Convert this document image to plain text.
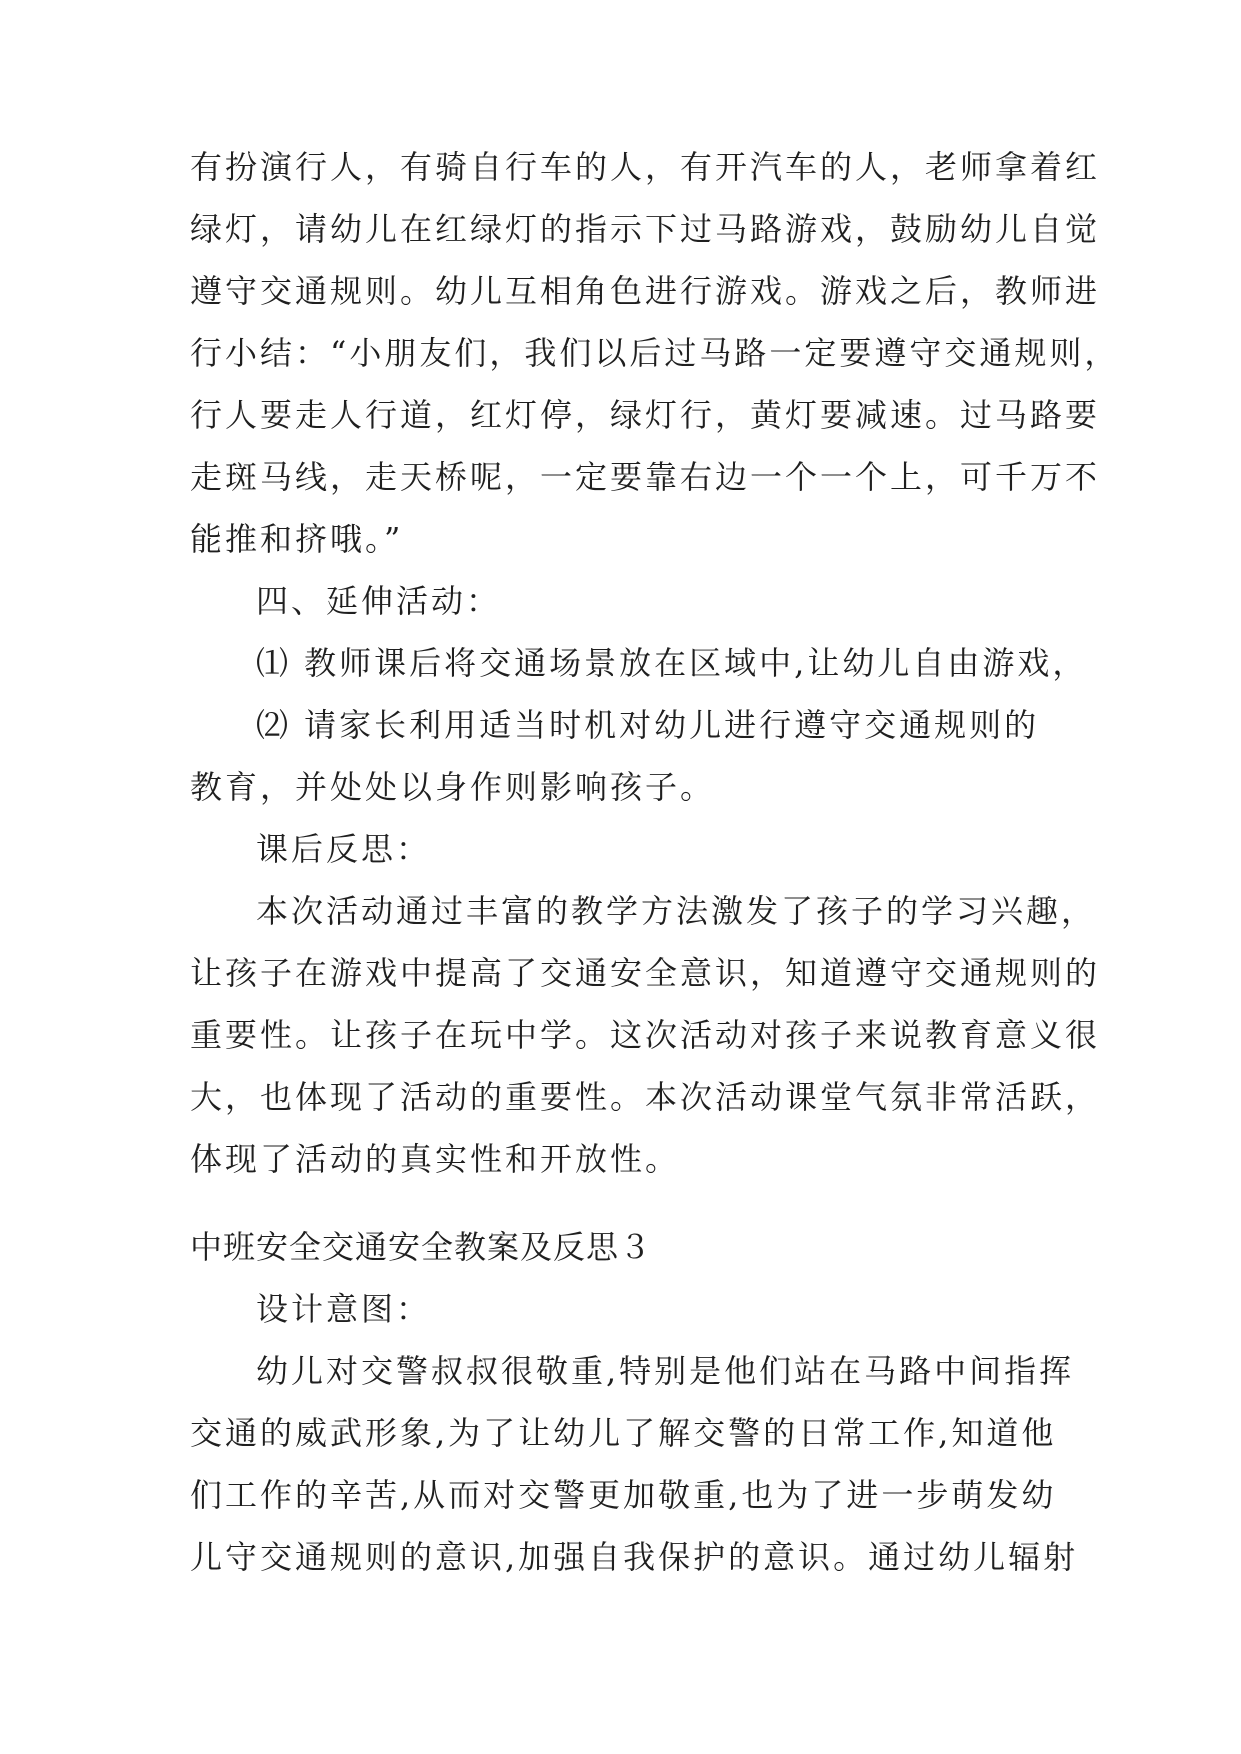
有扮演行人，有骑自行车的人，有开汽车的人，老师拿着红
绿灯，请幼儿在红绿灯的指示下过马路游戏，鼓励幼儿自觉
遵守交通规则。幼儿互相角色进行游戏。游戏之后，教师进
行小结：“小朋友们，我们以后过马路一定要遵守交通规则，
行人要走人行道，红灯停，绿灯行，黄灯要减速。过马路要
走斑马线，走天桥呢，一定要靠右边一个一个上，可千万不
能推和挤哦。”
四、延伸活动：
⑴ 教师课后将交通场景放在区域中,让幼儿自由游戏，
⑵ 请家长利用适当时机对幼儿进行遵守交通规则的
教育，并处处以身作则影响孩子。
课后反思：
本次活动通过丰富的教学方法激发了孩子的学习兴趣，
让孩子在游戏中提高了交通安全意识，知道遵守交通规则的
重要性。让孩子在玩中学。这次活动对孩子来说教育意义很
大，也体现了活动的重要性。本次活动课堂气氛非常活跃，
体现了活动的真实性和开放性。
中班安全交通安全教案及反思３
设计意图：
幼儿对交警叔叔很敬重,特别是他们站在马路中间指挥
交通的威武形象,为了让幼儿了解交警的日常工作,知道他
们工作的辛苦,从而对交警更加敬重,也为了进一步萌发幼
儿守交通规则的意识,加强自我保护的意识。通过幼儿辐射
